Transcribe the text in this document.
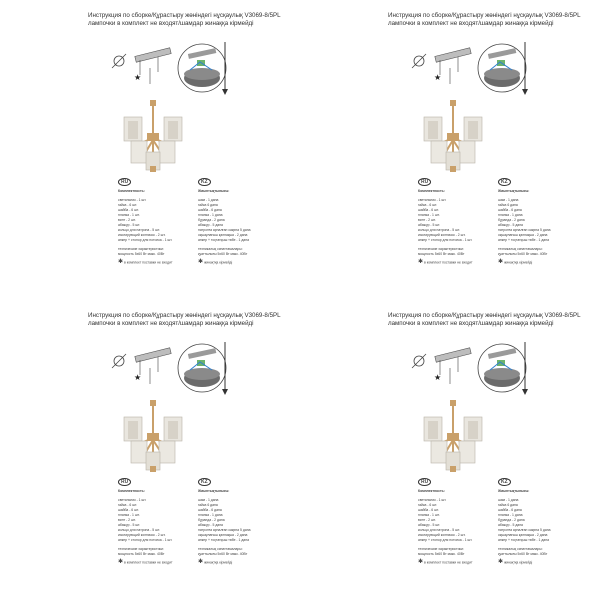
Инструкция по сборке/Құрастыру жөніндегі нұсқаулық V3069-8/5PL лампочки в комплект не входят/шамдар жинаққа кірмейді
★
RU
Комплектность:
светильник - 1 шт.
гайка - 6 шт.
шайба - 6 шт.
планка - 1 шт.
винт - 2 шт.
абажур - 5 шт.
кольцо для патрона - 5 шт.
изолирующий колпачок - 2 шт.
анкер + стопор для потолка - 1 шт.
технические характеристики:
мощность 5x60 Вт макс. 40Вт
✱ в комплект поставки не входит
KZ
Жиынтықтылығы:
шам - 1 дана
гайка 6 дана
шайба - 6 дана
планка - 1 дана
бұранда - 2 дана
абажур - 5 дана
патронға арналған сақина 5 дана
оқшаулағыш қалпақша - 2 дана
анкер + тоқтатқыш төбе - 1 дана
техникалық сипаттамалары:
қуаттылығы 5x60 Вт макс. 40Вт
✱ жинақтқа кірмейді
Инструкция по сборке/Құрастыру жөніндегі нұсқаулық V3069-8/5PL лампочки в комплект не входят/шамдар жинаққа кірмейді
★
RU
Комплектность:
светильник - 1 шт.
гайка - 6 шт.
шайба - 6 шт.
планка - 1 шт.
винт - 2 шт.
абажур - 5 шт.
кольцо для патрона - 5 шт.
изолирующий колпачок - 2 шт.
анкер + стопор для потолка - 1 шт.
технические характеристики:
мощность 5x60 Вт макс. 40Вт
✱ в комплект поставки не входит
KZ
Жиынтықтылығы:
шам - 1 дана
гайка 6 дана
шайба - 6 дана
планка - 1 дана
бұранда - 2 дана
абажур - 5 дана
патронға арналған сақина 5 дана
оқшаулағыш қалпақша - 2 дана
анкер + тоқтатқыш төбе - 1 дана
техникалық сипаттамалары:
қуаттылығы 5x60 Вт макс. 40Вт
✱ жинақтқа кірмейді
Инструкция по сборке/Құрастыру жөніндегі нұсқаулық V3069-8/5PL лампочки в комплект не входят/шамдар жинаққа кірмейді
★
RU
Комплектность:
светильник - 1 шт.
гайка - 6 шт.
шайба - 6 шт.
планка - 1 шт.
винт - 2 шт.
абажур - 5 шт.
кольцо для патрона - 5 шт.
изолирующий колпачок - 2 шт.
анкер + стопор для потолка - 1 шт.
технические характеристики:
мощность 5x60 Вт макс. 40Вт
✱ в комплект поставки не входит
KZ
Жиынтықтылығы:
шам - 1 дана
гайка 6 дана
шайба - 6 дана
планка - 1 дана
бұранда - 2 дана
абажур - 5 дана
патронға арналған сақина 5 дана
оқшаулағыш қалпақша - 2 дана
анкер + тоқтатқыш төбе - 1 дана
техникалық сипаттамалары:
қуаттылығы 5x60 Вт макс. 40Вт
✱ жинақтқа кірмейді
Инструкция по сборке/Құрастыру жөніндегі нұсқаулық V3069-8/5PL лампочки в комплект не входят/шамдар жинаққа кірмейді
★
RU
Комплектность:
светильник - 1 шт.
гайка - 6 шт.
шайба - 6 шт.
планка - 1 шт.
винт - 2 шт.
абажур - 5 шт.
кольцо для патрона - 5 шт.
изолирующий колпачок - 2 шт.
анкер + стопор для потолка - 1 шт.
технические характеристики:
мощность 5x60 Вт макс. 40Вт
✱ в комплект поставки не входит
KZ
Жиынтықтылығы:
шам - 1 дана
гайка 6 дана
шайба - 6 дана
планка - 1 дана
бұранда - 2 дана
абажур - 5 дана
патронға арналған сақина 5 дана
оқшаулағыш қалпақша - 2 дана
анкер + тоқтатқыш төбе - 1 дана
техникалық сипаттамалары:
қуаттылығы 5x60 Вт макс. 40Вт
✱ жинақтқа кірмейді
